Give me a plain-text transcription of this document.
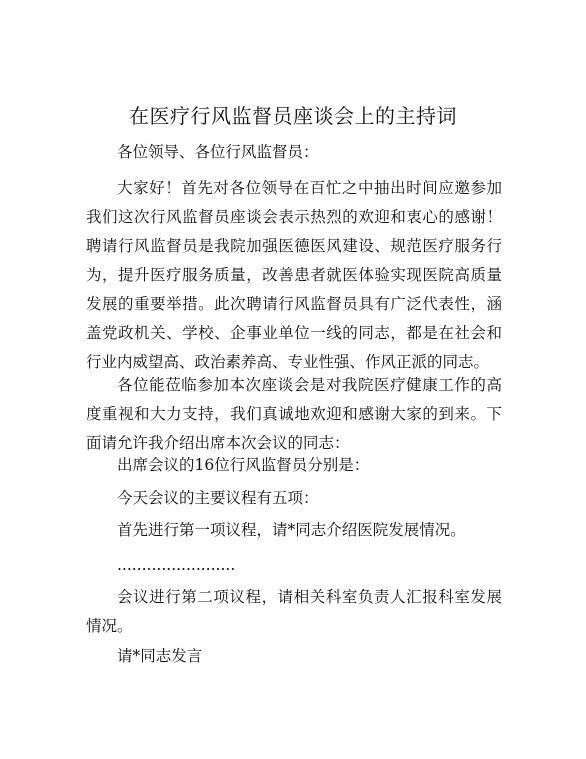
在医疗行风监督员座谈会上的主持词

各位领导、各位行风监督员：

大家好！首先对各位领导在百忙之中抽出时间应邀参加我们这次行风监督员座谈会表示热烈的欢迎和衷心的感谢！聘请行风监督员是我院加强医德医风建设、规范医疗服务行为，提升医疗服务质量，改善患者就医体验实现医院高质量发展的重要举措。此次聘请行风监督员具有广泛代表性，涵盖党政机关、学校、企事业单位一线的同志，都是在社会和行业内威望高、政治素养高、专业性强、作风正派的同志。

各位能莅临参加本次座谈会是对我院医疗健康工作的高度重视和大力支持，我们真诚地欢迎和感谢大家的到来。下面请允许我介绍出席本次会议的同志：

出席会议的16位行风监督员分别是：

今天会议的主要议程有五项：

首先进行第一项议程，请*同志介绍医院发展情况。

........................

会议进行第二项议程，请相关科室负责人汇报科室发展情况。

请*同志发言
